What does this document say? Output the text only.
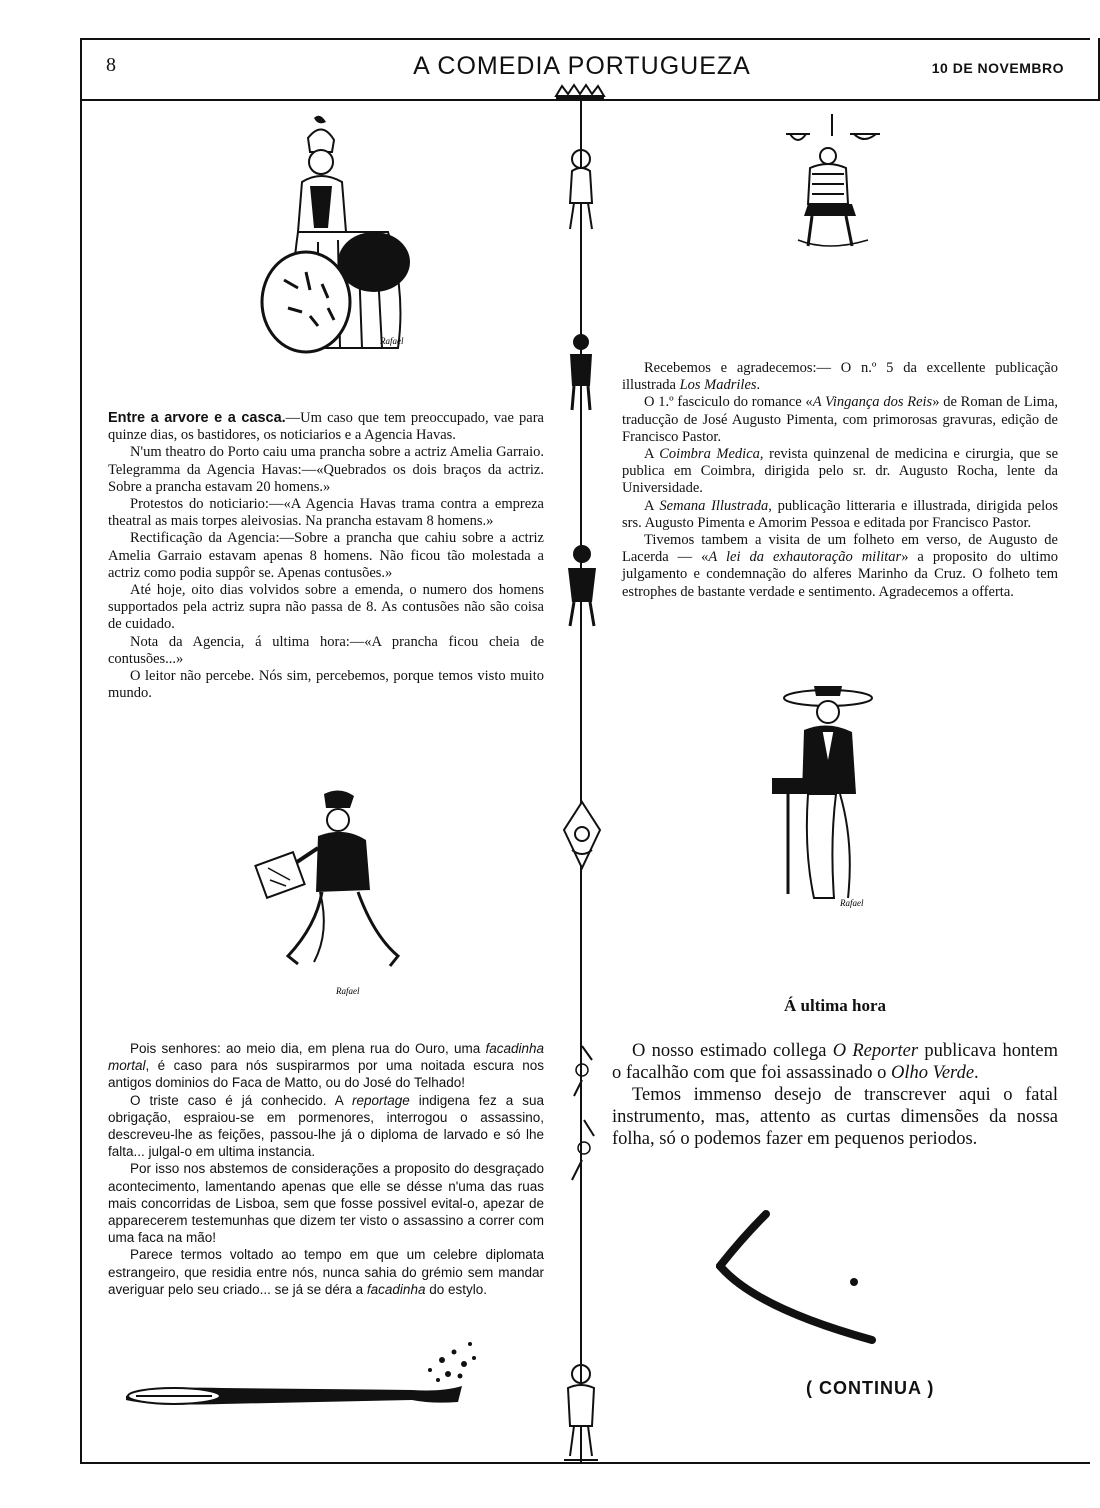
8	A COMEDIA PORTUGUEZA	10 DE NOVEMBRO
Rafael

Entre a arvore e a casca.—Um caso que tem preoccupado, vae para quinze dias, os bastidores, os noticiarios e a Agencia Havas.

N'um theatro do Porto caiu uma prancha sobre a actriz Amelia Garraio. Telegramma da Agencia Havas:—«Quebrados os dois braços da actriz. Sobre a prancha estavam 20 homens.»

Protestos do noticiario:—«A Agencia Havas trama contra a empreza theatral as mais torpes aleivosias. Na prancha estavam 8 homens.»

Rectificação da Agencia:—Sobre a prancha que cahiu sobre a actriz Amelia Garraio estavam apenas 8 homens. Não ficou tão molestada a actriz como podia suppôr se. Apenas contusões.»

Até hoje, oito dias volvidos sobre a emenda, o numero dos homens supportados pela actriz supra não passa de 8. As contusões não são coisa de cuidado.

Nota da Agencia, á ultima hora:—«A prancha ficou cheia de contusões...»

O leitor não percebe. Nós sim, percebemos, porque temos visto muito mundo.

Rafael
Rafael

Recebemos e agradecemos:— O n.º 5 da excellente publicação illustrada Los Madriles.

O 1.º fasciculo do romance «A Vingança dos Reis» de Roman de Lima, traducção de José Augusto Pimenta, com primorosas gravuras, edição de Francisco Pastor.

A Coimbra Medica, revista quinzenal de medicina e cirurgia, que se publica em Coimbra, dirigida pelo sr. dr. Augusto Rocha, lente da Universidade.

A Semana Illustrada, publicação litteraria e illustrada, dirigida pelos srs. Augusto Pimenta e Amorim Pessoa e editada por Francisco Pastor.

Tivemos tambem a visita de um folheto em verso, de Augusto de Lacerda — «A lei da exhautoração militar» a proposito do ultimo julgamento e condemnação do alferes Marinho da Cruz. O folheto tem estrophes de bastante verdade e sentimento. Agradecemos a offerta.

Pois senhores: ao meio dia, em plena rua do Ouro, uma facadinha mortal, é caso para nós suspirarmos por uma noitada escura nos antigos dominios do Faca de Matto, ou do José do Telhado!

O triste caso é já conhecido. A reportage indigena fez a sua obrigação, espraiou-se em pormenores, interrogou o assassino, descreveu-lhe as feições, passou-lhe já o diploma de larvado e só lhe falta... julgal-o em ultima instancia.

Por isso nos abstemos de considerações a proposito do desgraçado acontecimento, lamentando apenas que elle se désse n'uma das ruas mais concorridas de Lisboa, sem que fosse possivel evital-o, apezar de apparecerem testemunhas que dizem ter visto o assassino a correr com uma faca na mão!

Parece termos voltado ao tempo em que um celebre diplomata estrangeiro, que residia entre nós, nunca sahia do grémio sem mandar averiguar pelo seu criado... se já se déra a facadinha do estylo.

Á ultima hora

O nosso estimado collega O Reporter publicava hontem o facalhão com que foi assassinado o Olho Verde.

Temos immenso desejo de transcrever aqui o fatal instrumento, mas, attento as curtas dimensões da nossa folha, só o podemos fazer em pequenos periodos.

( CONTINUA )
